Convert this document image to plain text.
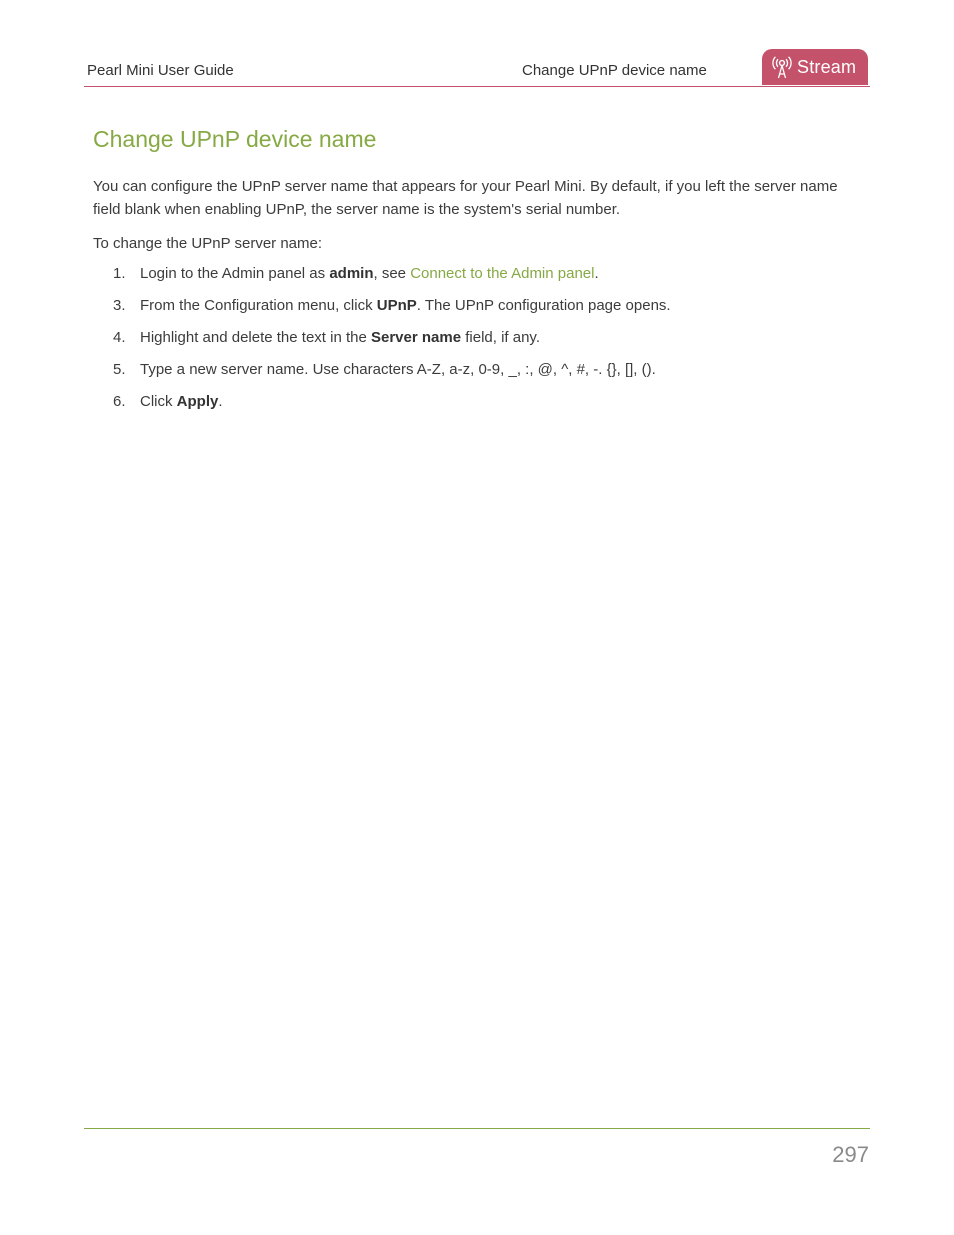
Pearl Mini User Guide	Change UPnP device name	Stream
Change UPnP device name

You can configure the UPnP server name that appears for your Pearl Mini. By default, if you left the server name field blank when enabling UPnP, the server name is the system's serial number.

To change the UPnP server name:

1. Login to the Admin panel as admin, see Connect to the Admin panel.
3. From the Configuration menu, click UPnP. The UPnP configuration page opens.
4. Highlight and delete the text in the Server name field, if any.
5. Type a new server name. Use characters A-Z, a-z, 0-9, _, :, @, ^, #, -. {}, [], ().
6. Click Apply.
297
